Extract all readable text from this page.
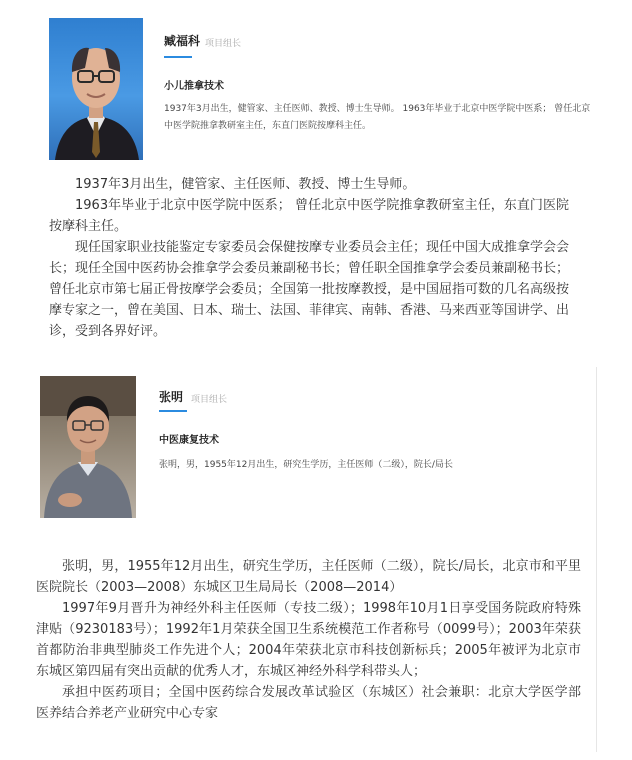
臧福科 项目组长
小儿推拿技术
1937年3月出生，健管家、主任医师、教授、博士生导师。 1963年毕业于北京中医学院中医系； 曾任北京中医学院推拿教研室主任，东直门医院按摩科主任。

1937年3月出生，健管家、主任医师、教授、博士生导师。

1963年毕业于北京中医学院中医系； 曾任北京中医学院推拿教研室主任，东直门医院按摩科主任。

现任国家职业技能鉴定专家委员会保健按摩专业委员会主任；现任中国大成推拿学会会长；现任全国中医药协会推拿学会委员兼副秘书长；曾任职全国推拿学会委员兼副秘书长；曾任北京市第七届正骨按摩学会委员；全国第一批按摩教授，是中国屈指可数的几名高级按摩专家之一，曾在美国、日本、瑞士、法国、菲律宾、南韩、香港、马来西亚等国讲学、出诊，受到各界好评。

张明 项目组长
中医康复技术
张明，男，1955年12月出生，研究生学历，主任医师（二级），院长/局长

张明，男，1955年12月出生，研究生学历，主任医师（二级），院长/局长，北京市和平里医院院长（2003—2008）东城区卫生局局长（2008—2014）

1997年9月晋升为神经外科主任医师（专技二级）；1998年10月1日享受国务院政府特殊津贴（9230183号）；1992年1月荣获全国卫生系统模范工作者称号（0099号）；2003年荣获首都防治非典型肺炎工作先进个人；2004年荣获北京市科技创新标兵；2005年被评为北京市东城区第四届有突出贡献的优秀人才，东城区神经外科学科带头人；

承担中医药项目；全国中医药综合发展改革试验区（东城区）社会兼职：北京大学医学部医养结合养老产业研究中心专家
